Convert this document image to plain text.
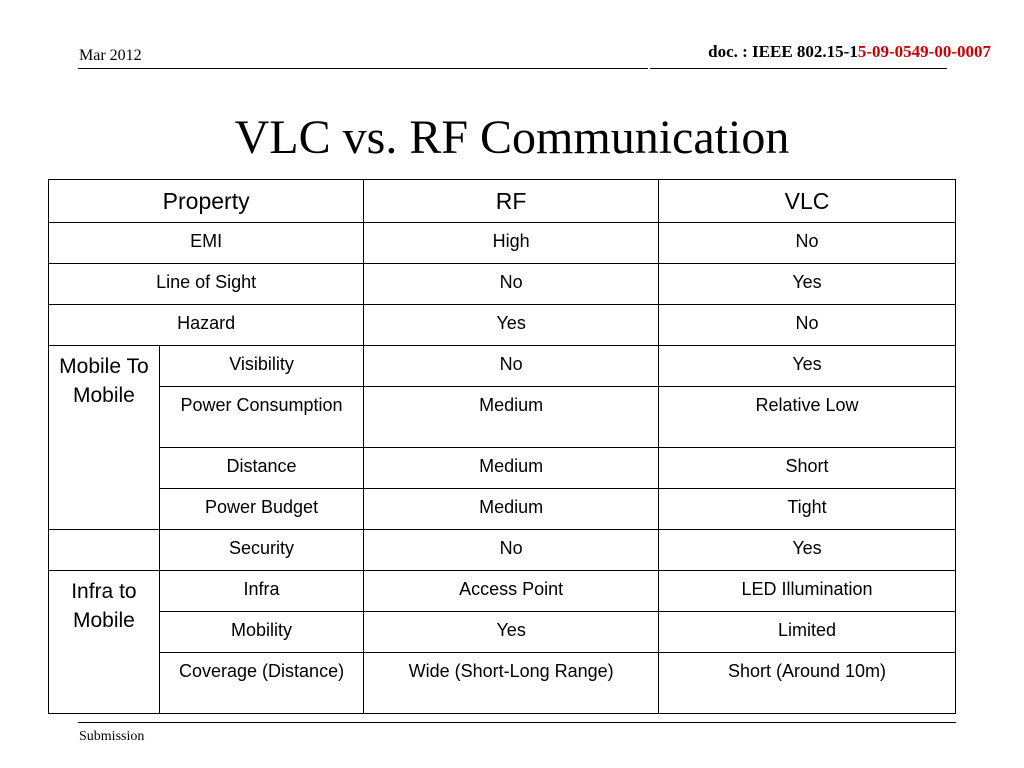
Mar 2012	doc. : IEEE 802.15-15-09-0549-00-0007
VLC vs. RF Communication
Property		RF	VLC
EMI		High	No
Line of Sight		No	Yes
Hazard		Yes	No
Mobile To Mobile	Visibility	No	Yes
	Power Consumption	Medium	Relative Low
	Distance	Medium	Short
	Power Budget	Medium	Tight
	Security	No	Yes
Infra to Mobile	Infra	Access Point	LED Illumination
	Mobility	Yes	Limited
	Coverage (Distance)	Wide (Short-Long Range)	Short (Around 10m)
Submission
